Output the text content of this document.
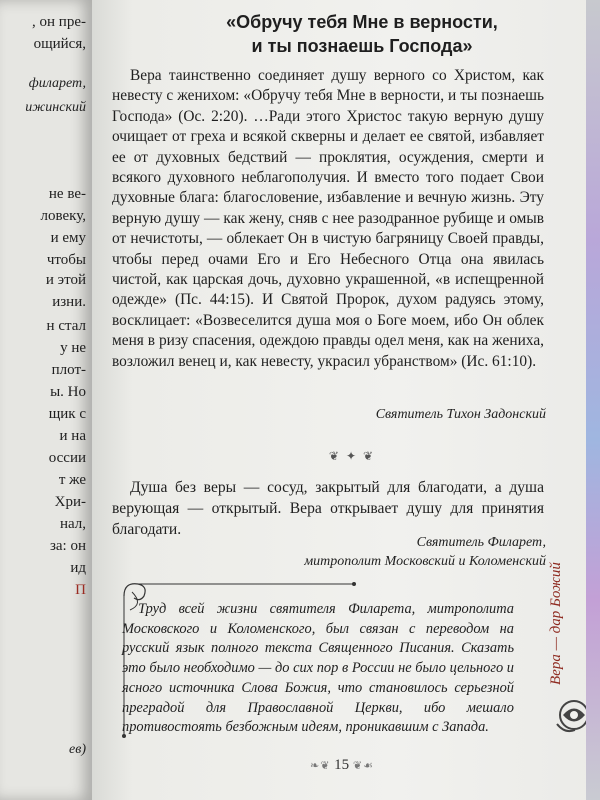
, он пре-
ощийся,
филарет,
ижинский
не ве-
ловеку,
и ему
чтобы
и этой
изни.
н стал
у не
плот-
ы. Но
щик с
и на
оссии
т же
Хри-
нал,
за: он
ид
П
ев)
«Обручу тебя Мне в верности,
и ты познаешь Господа»

Вера таинственно соединяет душу верного со Христом, как невесту с женихом: «Обручу тебя Мне в верности, и ты познаешь Господа» (Ос. 2:20). …Ради этого Христос такую верную душу очищает от греха и всякой скверны и делает ее святой, избавляет ее от духовных бедствий — проклятия, осуждения, смерти и всякого духовного неблагополучия. И вместо того подает Свои духовные блага: благословение, избавление и вечную жизнь. Эту верную душу — как жену, сняв с нее разодранное рубище и омыв от нечистоты, — облекает Он в чистую багряницу Своей правды, чтобы перед очами Его и Его Небесного Отца она явилась чистой, как царская дочь, духовно украшенной, «в испещренной одежде» (Пс. 44:15). И Святой Пророк, духом радуясь этому, восклицает: «Возвеселится душа моя о Боге моем, ибо Он облек меня в ризу спасения, одеждою правды одел меня, как на жениха, возложил венец и, как невесту, украсил убранством» (Ис. 61:10).

Святитель Тихон Задонский
❦ ✦ ❦

Душа без веры — сосуд, закрытый для благодати, а душа верующая — открытый. Вера открывает душу для принятия благодати.

Святитель Филарет,
митрополит Московский и Коломенский

Труд всей жизни святителя Филарета, митрополита Московского и Коломенского, был связан с переводом на русский язык полного текста Священного Писания. Сказать это было необходимо — до сих пор в России не было цельного и ясного источника Слова Божия, что становилось серьезной преградой для Православной Церкви, ибо мешало противостоять безбожным идеям, проникавшим с Запада.

❧❦ 15 ❦☙
Вера — дар Божий
